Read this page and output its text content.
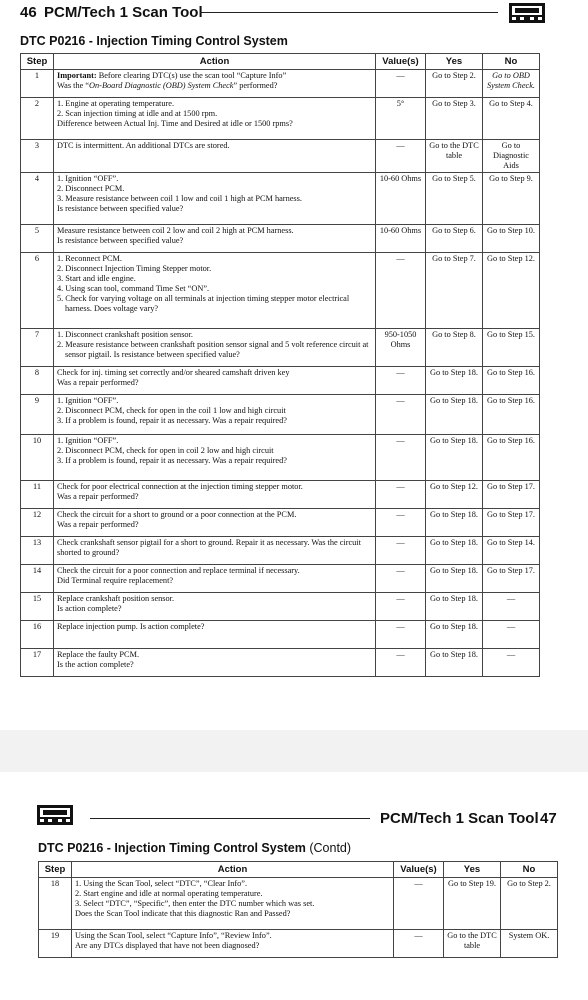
46 PCM/Tech 1 Scan Tool
DTC P0216 - Injection Timing Control System
Step	Action	Value(s)	Yes	No
1	Important: Before clearing DTC(s) use the scan tool “Capture Info”
Was the “On-Board Diagnostic (OBD) System Check” performed?	—	Go to Step 2.	Go to OBD System Check.
2	1. Engine at operating temperature.
2. Scan injection timing at idle and at 1500 rpm.
Difference between Actual Inj. Time and Desired at idle or 1500 rpms?	5°	Go to Step 3.	Go to Step 4.
3	DTC is intermittent. An additional DTCs are stored.	—	Go to the DTC table	Go to Diagnostic Aids
4	1. Ignition “OFF”.
2. Disconnect PCM.
3. Measure resistance between coil 1 low and coil 1 high at PCM harness.
Is resistance between specified value?	10-60 Ohms	Go to Step 5.	Go to Step 9.
5	Measure resistance between coil 2 low and coil 2 high at PCM harness.
Is resistance between specified value?	10-60 Ohms	Go to Step 6.	Go to Step 10.
6	1. Reconnect PCM.
2. Disconnect Injection Timing Stepper motor.
3. Start and idle engine.
4. Using scan tool, command Time Set “ON”.
5. Check for varying voltage on all terminals at injection timing stepper motor electrical harness. Does voltage vary?	—	Go to Step 7.	Go to Step 12.
7	1. Disconnect crankshaft position sensor.
2. Measure resistance between crankshaft position sensor signal and 5 volt reference circuit at sensor pigtail. Is resistance between specified value?	950-1050 Ohms	Go to Step 8.	Go to Step 15.
8	Check for inj. timing set correctly and/or sheared camshaft driven key
Was a repair performed?	—	Go to Step 18.	Go to Step 16.
9	1. Ignition “OFF”.
2. Disconnect PCM, check for open in the coil 1 low and high circuit
3. If a problem is found, repair it as necessary. Was a repair required?	—	Go to Step 18.	Go to Step 16.
10	1. Ignition “OFF”.
2. Disconnect PCM, check for open in coil 2 low and high circuit
3. If a problem is found, repair it as necessary. Was a repair required?	—	Go to Step 18.	Go to Step 16.
11	Check for poor electrical connection at the injection timing stepper motor.
Was a repair performed?	—	Go to Step 12.	Go to Step 17.
12	Check the circuit for a short to ground or a poor connection at the PCM.
Was a repair performed?	—	Go to Step 18.	Go to Step 17.
13	Check crankshaft sensor pigtail for a short to ground. Repair it as necessary. Was the circuit shorted to ground?	—	Go to Step 18.	Go to Step 14.
14	Check the circuit for a poor connection and replace terminal if necessary.
Did Terminal require replacement?	—	Go to Step 18.	Go to Step 17.
15	Replace crankshaft position sensor.
Is action complete?	—	Go to Step 18.	—
16	Replace injection pump. Is action complete?	—	Go to Step 18.	—
17	Replace the faulty PCM.
Is the action complete?	—	Go to Step 18.	—
PCM/Tech 1 Scan Tool 47
DTC P0216 - Injection Timing Control System (Contd)
Step	Action	Value(s)	Yes	No
18	1. Using the Scan Tool, select “DTC”, “Clear Info”.
2. Start engine and idle at normal operating temperature.
3. Select “DTC”, “Specific”, then enter the DTC number which was set.
Does the Scan Tool indicate that this diagnostic Ran and Passed?	—	Go to Step 19.	Go to Step 2.
19	Using the Scan Tool, select “Capture Info”, “Review Info”.
Are any DTCs displayed that have not been diagnosed?	—	Go to the DTC table	System OK.
